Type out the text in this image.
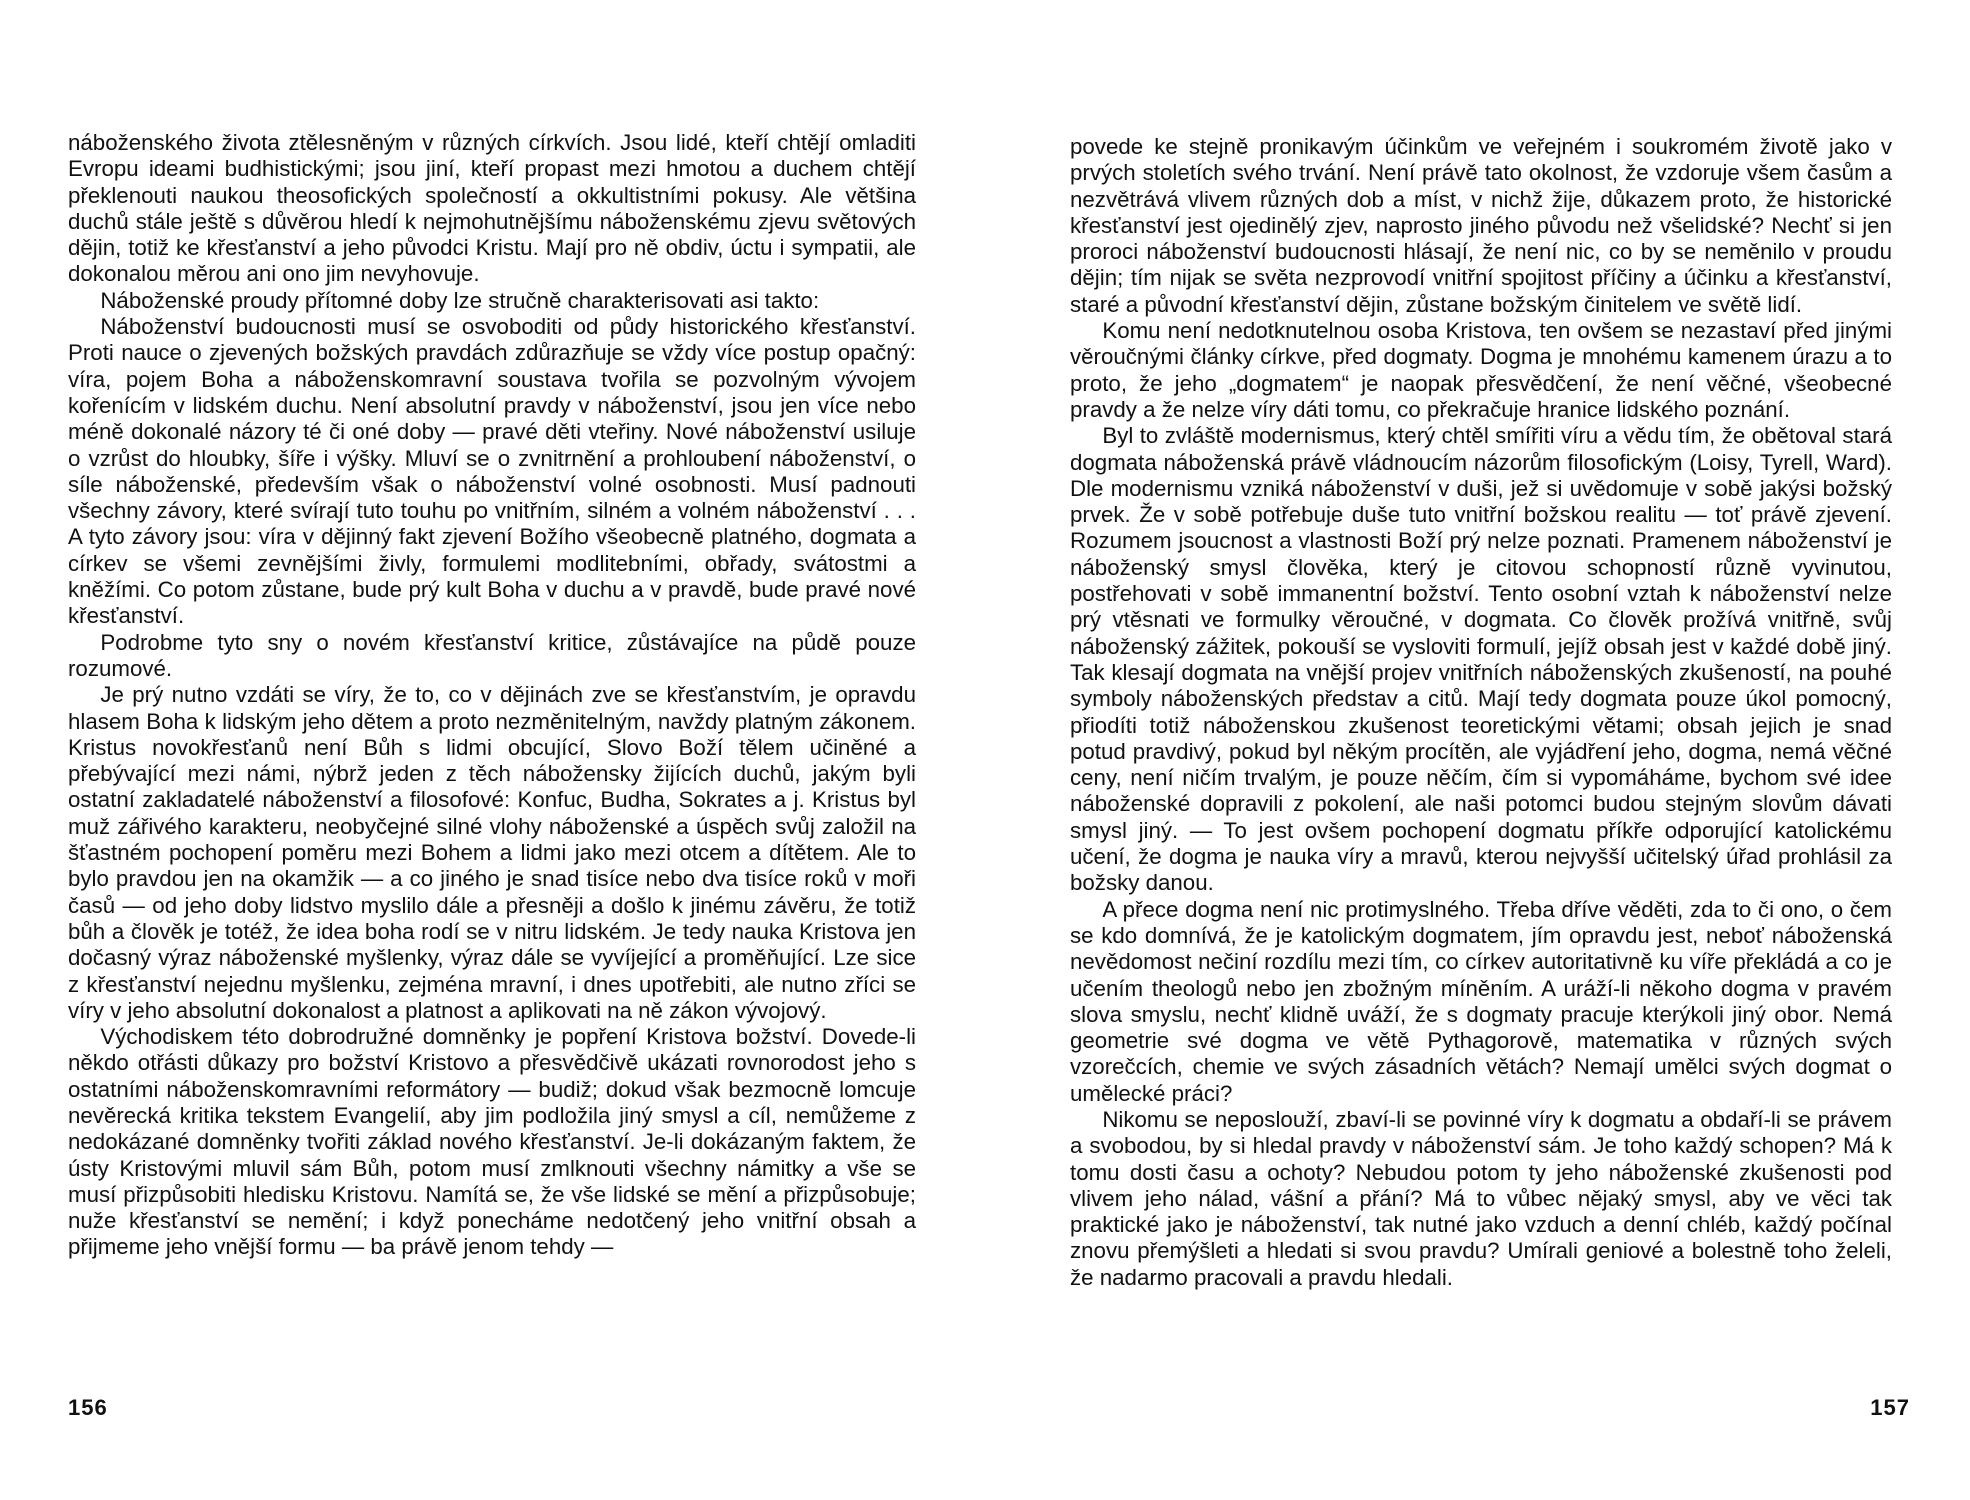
náboženského života ztělesněným v různých církvích. Jsou lidé, kteří chtějí omladiti Evropu ideami budhistickými; jsou jiní, kteří propast mezi hmotou a duchem chtějí překlenouti naukou theosofických společností a okkultistními pokusy. Ale většina duchů stále ještě s důvěrou hledí k nejmohutnějšímu náboženskému zjevu světových dějin, totiž ke křesťanství a jeho původci Kristu. Mají pro ně obdiv, úctu i sympatii, ale dokonalou měrou ani ono jim nevyhovuje.

Náboženské proudy přítomné doby lze stručně charakterisovati asi takto:

Náboženství budoucnosti musí se osvoboditi od půdy historického křesťanství. Proti nauce o zjevených božských pravdách zdůrazňuje se vždy více postup opačný: víra, pojem Boha a náboženskomravní soustava tvořila se pozvolným vývojem kořenícím v lidském duchu. Není absolutní pravdy v náboženství, jsou jen více nebo méně dokonalé názory té či oné doby — pravé děti vteřiny. Nové náboženství usiluje o vzrůst do hloubky, šíře i výšky. Mluví se o zvnitrnění a prohloubení náboženství, o síle náboženské, především však o náboženství volné osobnosti. Musí padnouti všechny závory, které svírají tuto touhu po vnitřním, silném a volném náboženství . . . A tyto závory jsou: víra v dějinný fakt zjevení Božího všeobecně platného, dogmata a církev se všemi zevnějšími živly, formulemi modlitebními, obřady, svátostmi a kněžími. Co potom zůstane, bude prý kult Boha v duchu a v pravdě, bude pravé nové křesťanství.

Podrobme tyto sny o novém křesťanství kritice, zůstávajíce na půdě pouze rozumové.

Je prý nutno vzdáti se víry, že to, co v dějinách zve se křesťanstvím, je opravdu hlasem Boha k lidským jeho dětem a proto nezměnitelným, navždy platným zákonem. Kristus novokřesťanů není Bůh s lidmi obcující, Slovo Boží tělem učiněné a přebývající mezi námi, nýbrž jeden z těch nábožensky žijících duchů, jakým byli ostatní zakladatelé náboženství a filosofové: Konfuc, Budha, Sokrates a j. Kristus byl muž zářivého karakteru, neobyčejné silné vlohy náboženské a úspěch svůj založil na šťastném pochopení poměru mezi Bohem a lidmi jako mezi otcem a dítětem. Ale to bylo pravdou jen na okamžik — a co jiného je snad tisíce nebo dva tisíce roků v moři časů — od jeho doby lidstvo myslilo dále a přesněji a došlo k jinému závěru, že totiž bůh a člověk je totéž, že idea boha rodí se v nitru lidském. Je tedy nauka Kristova jen dočasný výraz náboženské myšlenky, výraz dále se vyvíjející a proměňující. Lze sice z křesťanství nejednu myšlenku, zejména mravní, i dnes upotřebiti, ale nutno zříci se víry v jeho absolutní dokonalost a platnost a aplikovati na ně zákon vývojový.

Východiskem této dobrodružné domněnky je popření Kristova božství. Dovede-li někdo otřásti důkazy pro božství Kristovo a přesvědčivě ukázati rovnorodost jeho s ostatními náboženskomravními reformátory — budiž; dokud však bezmocně lomcuje nevěrecká kritika tekstem Evangelií, aby jim podložila jiný smysl a cíl, nemůžeme z nedokázané domněnky tvořiti základ nového křesťanství. Je-li dokázaným faktem, že ústy Kristovými mluvil sám Bůh, potom musí zmlknouti všechny námitky a vše se musí přizpůsobiti hledisku Kristovu. Namítá se, že vše lidské se mění a přizpůsobuje; nuže křesťanství se nemění; i když ponecháme nedotčený jeho vnitřní obsah a přijmeme jeho vnější formu — ba právě jenom tehdy —

156

povede ke stejně pronikavým účinkům ve veřejném i soukromém životě jako v prvých stoletích svého trvání. Není právě tato okolnost, že vzdoruje všem časům a nezvětrává vlivem různých dob a míst, v nichž žije, důkazem proto, že historické křesťanství jest ojedinělý zjev, naprosto jiného původu než všelidské? Nechť si jen proroci náboženství budoucnosti hlásají, že není nic, co by se neměnilo v proudu dějin; tím nijak se světa nezprovodí vnitřní spojitost příčiny a účinku a křesťanství, staré a původní křesťanství dějin, zůstane božským činitelem ve světě lidí.

Komu není nedotknutelnou osoba Kristova, ten ovšem se nezastaví před jinými věroučnými články církve, před dogmaty. Dogma je mnohému kamenem úrazu a to proto, že jeho „dogmatem“ je naopak přesvědčení, že není věčné, všeobecné pravdy a že nelze víry dáti tomu, co překračuje hranice lidského poznání.

Byl to zvláště modernismus, který chtěl smířiti víru a vědu tím, že obětoval stará dogmata náboženská právě vládnoucím názorům filosofickým (Loisy, Tyrell, Ward). Dle modernismu vzniká náboženství v duši, jež si uvědomuje v sobě jakýsi božský prvek. Že v sobě potřebuje duše tuto vnitřní božskou realitu — toť právě zjevení. Rozumem jsoucnost a vlastnosti Boží prý nelze poznati. Pramenem náboženství je náboženský smysl člověka, který je citovou schopností různě vyvinutou, postřehovati v sobě immanentní božství. Tento osobní vztah k náboženství nelze prý vtěsnati ve formulky věroučné, v dogmata. Co člověk prožívá vnitřně, svůj náboženský zážitek, pokouší se vysloviti formulí, jejíž obsah jest v každé době jiný. Tak klesají dogmata na vnější projev vnitřních náboženských zkušeností, na pouhé symboly náboženských představ a citů. Mají tedy dogmata pouze úkol pomocný, přiodíti totiž náboženskou zkušenost teoretickými větami; obsah jejich je snad potud pravdivý, pokud byl někým procítěn, ale vyjádření jeho, dogma, nemá věčné ceny, není ničím trvalým, je pouze něčím, čím si vypomáháme, bychom své idee náboženské dopravili z pokolení, ale naši potomci budou stejným slovům dávati smysl jiný. — To jest ovšem pochopení dogmatu příkře odporující katolickému učení, že dogma je nauka víry a mravů, kterou nejvyšší učitelský úřad prohlásil za božsky danou.

A přece dogma není nic protimyslného. Třeba dříve věděti, zda to či ono, o čem se kdo domnívá, že je katolickým dogmatem, jím opravdu jest, neboť náboženská nevědomost nečiní rozdílu mezi tím, co církev autoritativně ku víře překládá a co je učením theologů nebo jen zbožným míněním. A uráží-li někoho dogma v pravém slova smyslu, nechť klidně uváží, že s dogmaty pracuje kterýkoli jiný obor. Nemá geometrie své dogma ve větě Pythagorově, matematika v různých svých vzorečcích, chemie ve svých zásadních větách? Nemají umělci svých dogmat o umělecké práci?

Nikomu se neposlouží, zbaví-li se povinné víry k dogmatu a obdaří-li se právem a svobodou, by si hledal pravdy v náboženství sám. Je toho každý schopen? Má k tomu dosti času a ochoty? Nebudou potom ty jeho náboženské zkušenosti pod vlivem jeho nálad, vášní a přání? Má to vůbec nějaký smysl, aby ve věci tak praktické jako je náboženství, tak nutné jako vzduch a denní chléb, každý počínal znovu přemýšleti a hledati si svou pravdu? Umírali geniové a bolestně toho želeli, že nadarmo pracovali a pravdu hledali.

157
